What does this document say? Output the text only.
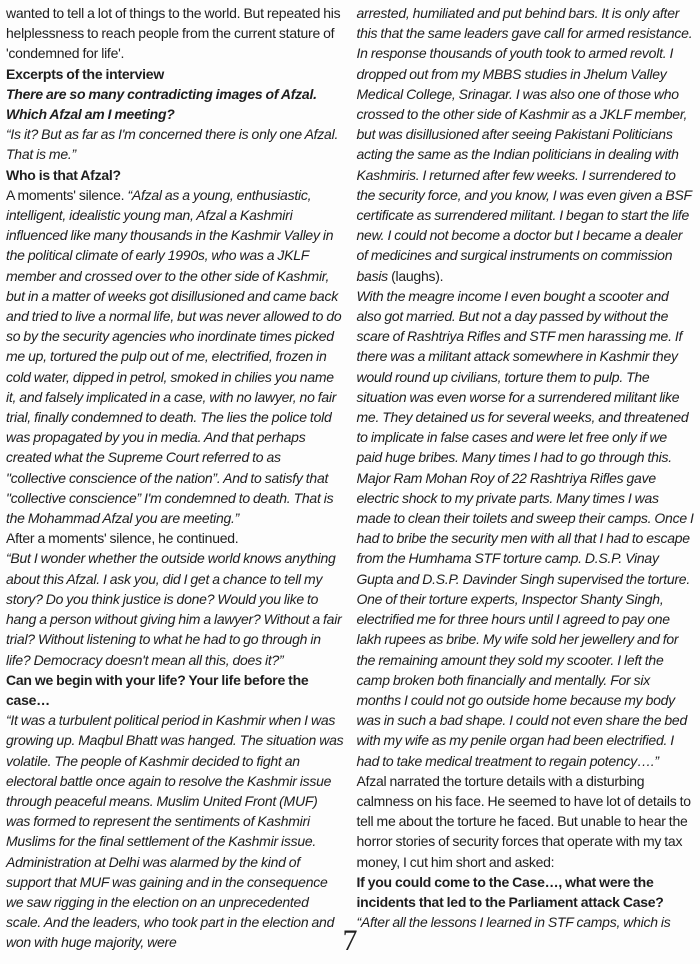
wanted to tell a lot of things to the world. But repeated his helplessness to reach people from the current stature of 'condemned for life'.

Excerpts of the interview

There are so many contradicting images of Afzal. Which Afzal am I meeting?

“Is it? But as far as I'm concerned there is only one Afzal. That is me.”

Who is that Afzal?

A moments' silence. “Afzal as a young, enthusiastic, intelligent, idealistic young man, Afzal a Kashmiri influenced like many thousands in the Kashmir Valley in the political climate of early 1990s, who was a JKLF member and crossed over to the other side of Kashmir, but in a matter of weeks got disillusioned and came back and tried to live a normal life, but was never allowed to do so by the security agencies who inordinate times picked me up, tortured the pulp out of me, electrified, frozen in cold water, dipped in petrol, smoked in chilies you name it, and falsely implicated in a case, with no lawyer, no fair trial, finally condemned to death. The lies the police told was propagated by you in media. And that perhaps created what the Supreme Court referred to as "collective conscience of the nation”. And to satisfy that "collective conscience” I'm condemned to death. That is the Mohammad Afzal you are meeting.”

After a moments' silence, he continued.

“But I wonder whether the outside world knows anything about this Afzal. I ask you, did I get a chance to tell my story? Do you think justice is done? Would you like to hang a person without giving him a lawyer? Without a fair trial? Without listening to what he had to go through in life? Democracy doesn't mean all this, does it?”

Can we begin with your life? Your life before the case…

“It was a turbulent political period in Kashmir when I was growing up. Maqbul Bhatt was hanged. The situation was volatile. The people of Kashmir decided to fight an electoral battle once again to resolve the Kashmir issue through peaceful means. Muslim United Front (MUF) was formed to represent the sentiments of Kashmiri Muslims for the final settlement of the Kashmir issue. Administration at Delhi was alarmed by the kind of support that MUF was gaining and in the consequence we saw rigging in the election on an unprecedented scale. And the leaders, who took part in the election and won with huge majority, were

arrested, humiliated and put behind bars. It is only after this that the same leaders gave call for armed resistance. In response thousands of youth took to armed revolt. I dropped out from my MBBS studies in Jhelum Valley Medical College, Srinagar. I was also one of those who crossed to the other side of Kashmir as a JKLF member, but was disillusioned after seeing Pakistani Politicians acting the same as the Indian politicians in dealing with Kashmiris. I returned after few weeks. I surrendered to the security force, and you know, I was even given a BSF certificate as surrendered militant. I began to start the life new. I could not become a doctor but I became a dealer of medicines and surgical instruments on commission basis (laughs).

With the meagre income I even bought a scooter and also got married. But not a day passed by without the scare of Rashtriya Rifles and STF men harassing me. If there was a militant attack somewhere in Kashmir they would round up civilians, torture them to pulp. The situation was even worse for a surrendered militant like me. They detained us for several weeks, and threatened to implicate in false cases and were let free only if we paid huge bribes. Many times I had to go through this. Major Ram Mohan Roy of 22 Rashtriya Rifles gave electric shock to my private parts. Many times I was made to clean their toilets and sweep their camps. Once I had to bribe the security men with all that I had to escape from the Humhama STF torture camp. D.S.P. Vinay Gupta and D.S.P. Davinder Singh supervised the torture. One of their torture experts, Inspector Shanty Singh, electrified me for three hours until I agreed to pay one lakh rupees as bribe. My wife sold her jewellery and for the remaining amount they sold my scooter. I left the camp broken both financially and mentally. For six months I could not go outside home because my body was in such a bad shape. I could not even share the bed with my wife as my penile organ had been electrified. I had to take medical treatment to regain potency….”

Afzal narrated the torture details with a disturbing calmness on his face. He seemed to have lot of details to tell me about the torture he faced. But unable to hear the horror stories of security forces that operate with my tax money, I cut him short and asked:

If you could come to the Case…, what were the incidents that led to the Parliament attack Case?

“After all the lessons I learned in STF camps, which is

7
